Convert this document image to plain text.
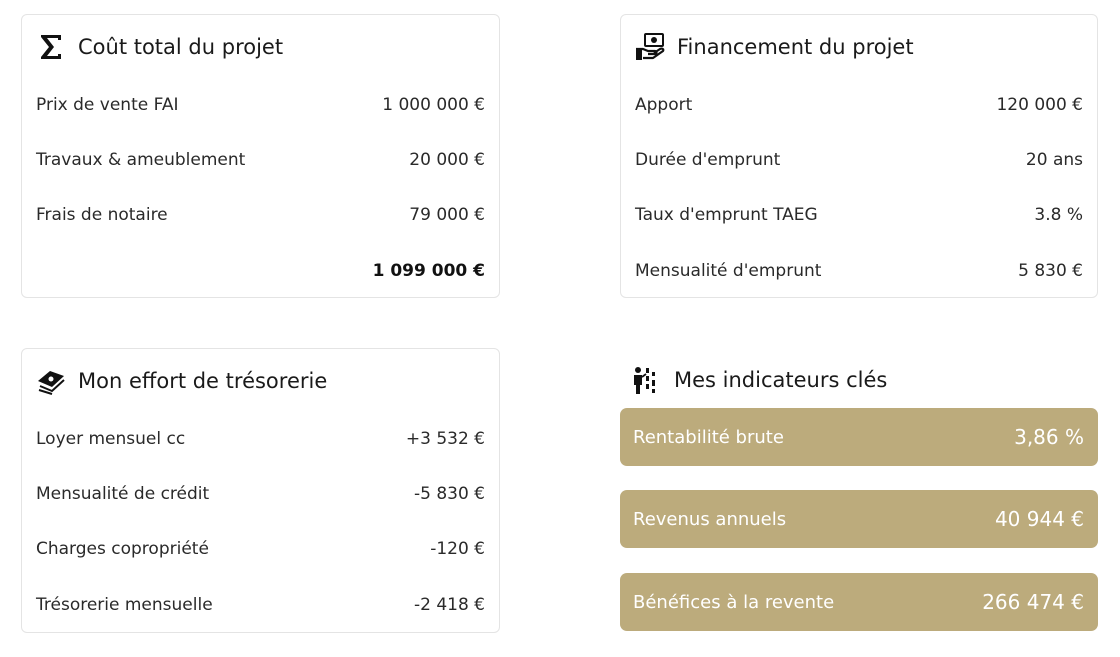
Coût total du projet
Prix de vente FAI	1 000 000 €
Travaux & ameublement	20 000 €
Frais de notaire	79 000 €
1 099 000 €
Financement du projet
Apport	120 000 €
Durée d'emprunt	20 ans
Taux d'emprunt TAEG	3.8 %
Mensualité d'emprunt	5 830 €
Mon effort de trésorerie
Loyer mensuel cc	+3 532 €
Mensualité de crédit	-5 830 €
Charges copropriété	-120 €
Trésorerie mensuelle	-2 418 €
Mes indicateurs clés
Rentabilité brute	3,86 %
Revenus annuels	40 944 €
Bénéfices à la revente	266 474 €
